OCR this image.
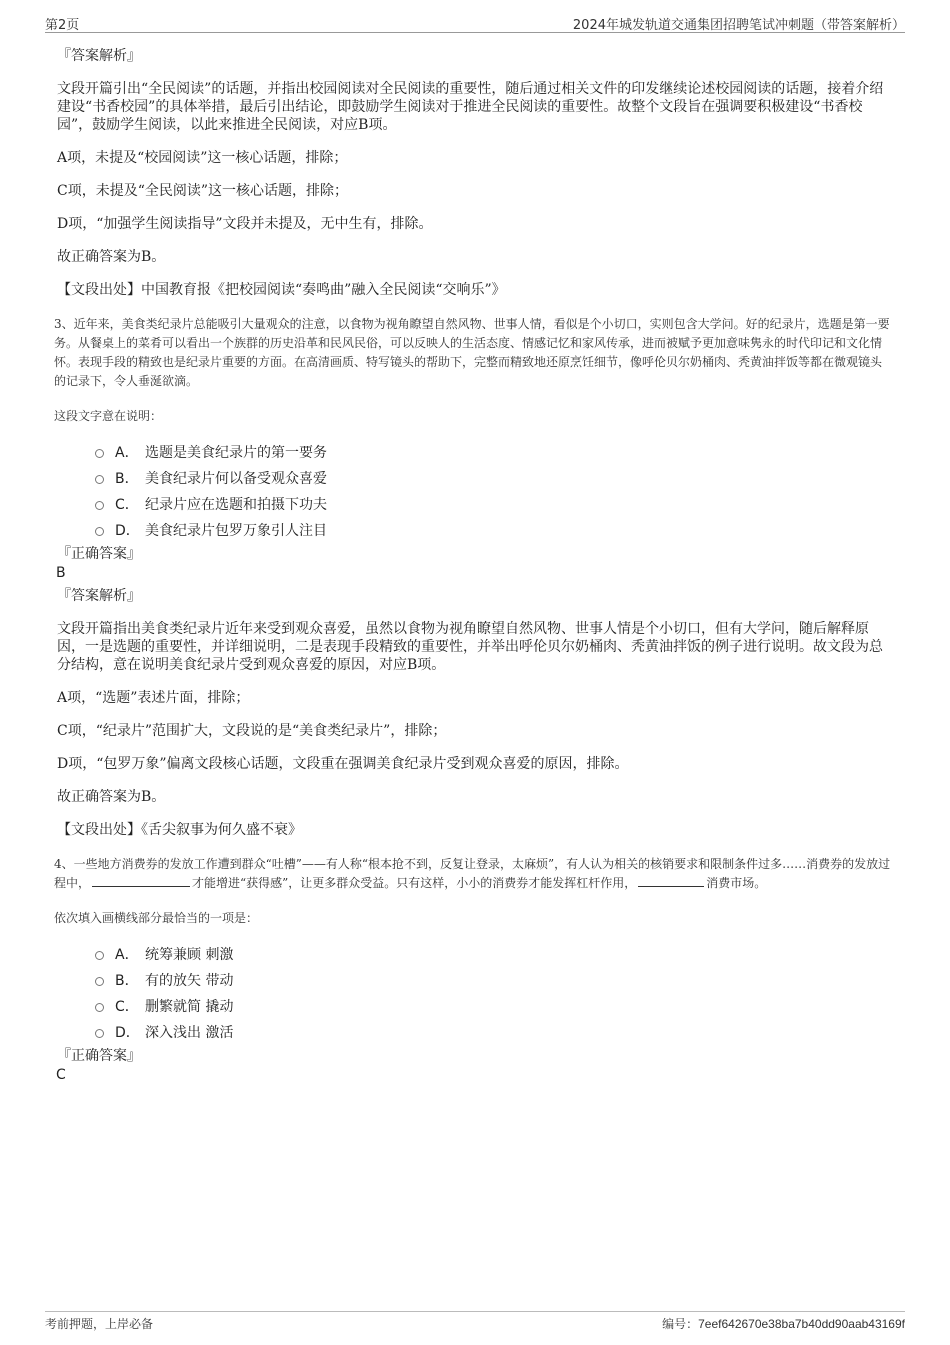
第2页	2024年城发轨道交通集团招聘笔试冲刺题（带答案解析）

『答案解析』

文段开篇引出“全民阅读”的话题，并指出校园阅读对全民阅读的重要性，随后通过相关文件的印发继续论述校园阅读的话题，接着介绍建设“书香校园”的具体举措，最后引出结论，即鼓励学生阅读对于推进全民阅读的重要性。故整个文段旨在强调要积极建设“书香校园”，鼓励学生阅读，以此来推进全民阅读，对应B项。

A项，未提及“校园阅读”这一核心话题，排除；

C项，未提及“全民阅读”这一核心话题，排除；

D项，“加强学生阅读指导”文段并未提及，无中生有，排除。

故正确答案为B。

【文段出处】中国教育报《把校园阅读“奏鸣曲”融入全民阅读“交响乐”》

3、近年来，美食类纪录片总能吸引大量观众的注意，以食物为视角瞭望自然风物、世事人情，看似是个小切口，实则包含大学问。好的纪录片，选题是第一要务。从餐桌上的菜肴可以看出一个族群的历史沿革和民风民俗，可以反映人的生活态度、情感记忆和家风传承，进而被赋予更加意味隽永的时代印记和文化情怀。表现手段的精致也是纪录片重要的方面。在高清画质、特写镜头的帮助下，完整而精致地还原烹饪细节，像呼伦贝尔奶桶肉、秃黄油拌饭等都在微观镜头的记录下，令人垂涎欲滴。

这段文字意在说明：

A． 选题是美食纪录片的第一要务
B． 美食纪录片何以备受观众喜爱
C． 纪录片应在选题和拍摄下功夫
D． 美食纪录片包罗万象引人注目

『正确答案』

B

『答案解析』

文段开篇指出美食类纪录片近年来受到观众喜爱，虽然以食物为视角瞭望自然风物、世事人情是个小切口，但有大学问，随后解释原因，一是选题的重要性，并详细说明，二是表现手段精致的重要性，并举出呼伦贝尔奶桶肉、秃黄油拌饭的例子进行说明。故文段为总分结构，意在说明美食纪录片受到观众喜爱的原因，对应B项。

A项，“选题”表述片面，排除；

C项，“纪录片”范围扩大，文段说的是“美食类纪录片”，排除；

D项，“包罗万象”偏离文段核心话题，文段重在强调美食纪录片受到观众喜爱的原因，排除。

故正确答案为B。

【文段出处】《舌尖叙事为何久盛不衰》

4、一些地方消费券的发放工作遭到群众“吐槽”——有人称“根本抢不到，反复让登录，太麻烦”，有人认为相关的核销要求和限制条件过多……消费券的发放过程中，	才能增进“获得感”，让更多群众受益。只有这样，小小的消费券才能发挥杠杆作用，	消费市场。

依次填入画横线部分最恰当的一项是：

A． 统筹兼顾 刺激
B． 有的放矢 带动
C． 删繁就简 撬动
D． 深入浅出 激活

『正确答案』

C

考前押题，上岸必备	编号：7eef642670e38ba7b40dd90aab43169f
